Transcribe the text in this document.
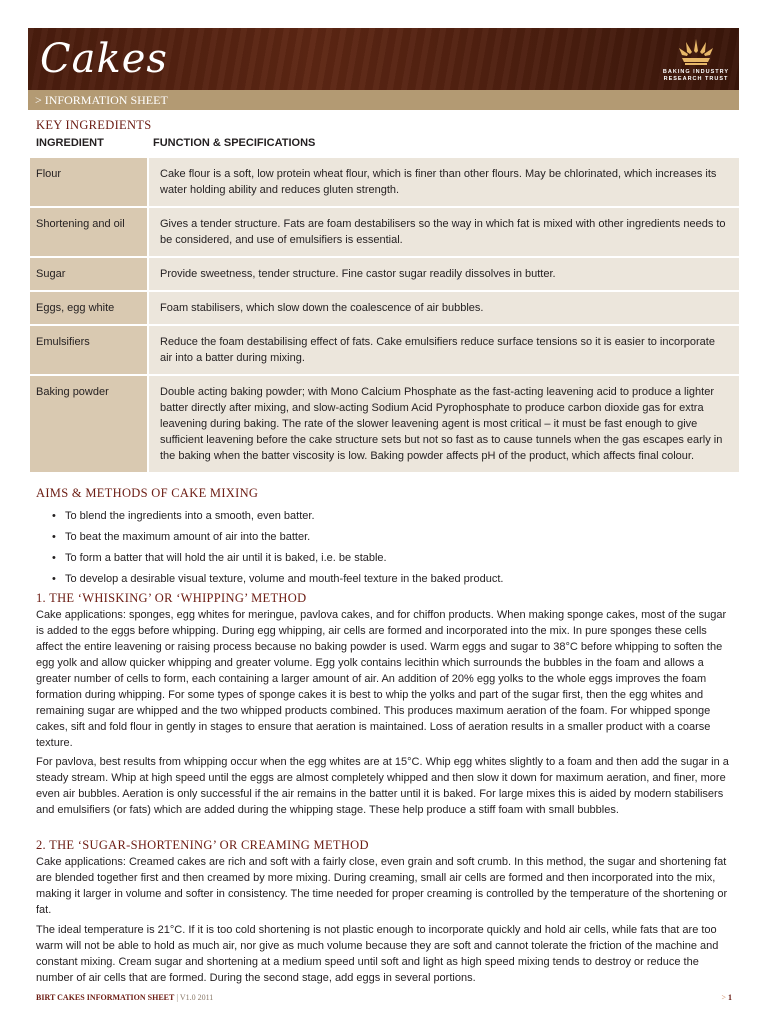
Cakes	BAKING INDUSTRY
RESEARCH TRUST
> INFORMATION SHEET
KEY INGREDIENTS
INGREDIENT	FUNCTION & SPECIFICATIONS
Flour	Cake flour is a soft, low protein wheat flour, which is finer than other flours. May be chlorinated, which increases its water holding ability and reduces gluten strength.
Shortening and oil	Gives a tender structure. Fats are foam destabilisers so the way in which fat is mixed with other ingredients needs to be considered, and use of emulsifiers is essential.
Sugar	Provide sweetness, tender structure. Fine castor sugar readily dissolves in butter.
Eggs, egg white	Foam stabilisers, which slow down the coalescence of air bubbles.
Emulsifiers	Reduce the foam destabilising effect of fats. Cake emulsifiers reduce surface tensions so it is easier to incorporate air into a batter during mixing.
Baking powder	Double acting baking powder; with Mono Calcium Phosphate as the fast-acting leavening acid to produce a lighter batter directly after mixing, and slow-acting Sodium Acid Pyrophosphate to produce carbon dioxide gas for extra leavening during baking. The rate of the slower leavening agent is most critical – it must be fast enough to give sufficient leavening before the cake structure sets but not so fast as to cause tunnels when the gas escapes early in the baking when the batter viscosity is low. Baking powder affects pH of the product, which affects final colour.
AIMS & METHODS OF CAKE MIXING
• To blend the ingredients into a smooth, even batter.
• To beat the maximum amount of air into the batter.
• To form a batter that will hold the air until it is baked, i.e. be stable.
• To develop a desirable visual texture, volume and mouth-feel texture in the baked product.
1. THE ‘WHISKING’ OR ‘WHIPPING’ METHOD

Cake applications: sponges, egg whites for meringue, pavlova cakes, and for chiffon products. When making sponge cakes, most of the sugar is added to the eggs before whipping. During egg whipping, air cells are formed and incorporated into the mix. In pure sponges these cells affect the entire leavening or raising process because no baking powder is used. Warm eggs and sugar to 38°C before whipping to soften the egg yolk and allow quicker whipping and greater volume. Egg yolk contains lecithin which surrounds the bubbles in the foam and allows a greater number of cells to form, each containing a larger amount of air. An addition of 20% egg yolks to the whole eggs improves the foam formation during whipping. For some types of sponge cakes it is best to whip the yolks and part of the sugar first, then the egg whites and remaining sugar are whipped and the two whipped products combined. This produces maximum aeration of the foam. For whipped sponge cakes, sift and fold flour in gently in stages to ensure that aeration is maintained. Loss of aeration results in a smaller product with a coarse texture.

For pavlova, best results from whipping occur when the egg whites are at 15°C. Whip egg whites slightly to a foam and then add the sugar in a steady stream. Whip at high speed until the eggs are almost completely whipped and then slow it down for maximum aeration, and finer, more even air bubbles. Aeration is only successful if the air remains in the batter until it is baked. For large mixes this is aided by modern stabilisers and emulsifiers (or fats) which are added during the whipping stage. These help produce a stiff foam with small bubbles.

2. THE ‘SUGAR-SHORTENING’ OR CREAMING METHOD

Cake applications: Creamed cakes are rich and soft with a fairly close, even grain and soft crumb. In this method, the sugar and shortening fat are blended together first and then creamed by more mixing. During creaming, small air cells are formed and then incorporated into the mix, making it larger in volume and softer in consistency. The time needed for proper creaming is controlled by the temperature of the shortening or fat.

The ideal temperature is 21°C. If it is too cold shortening is not plastic enough to incorporate quickly and hold air cells, while fats that are too warm will not be able to hold as much air, nor give as much volume because they are soft and cannot tolerate the friction of the machine and constant mixing. Cream sugar and shortening at a medium speed until soft and light as high speed mixing tends to destroy or reduce the number of air cells that are formed. During the second stage, add eggs in several portions.

BIRT CAKES INFORMATION SHEET | V1.0 2011	> 1
